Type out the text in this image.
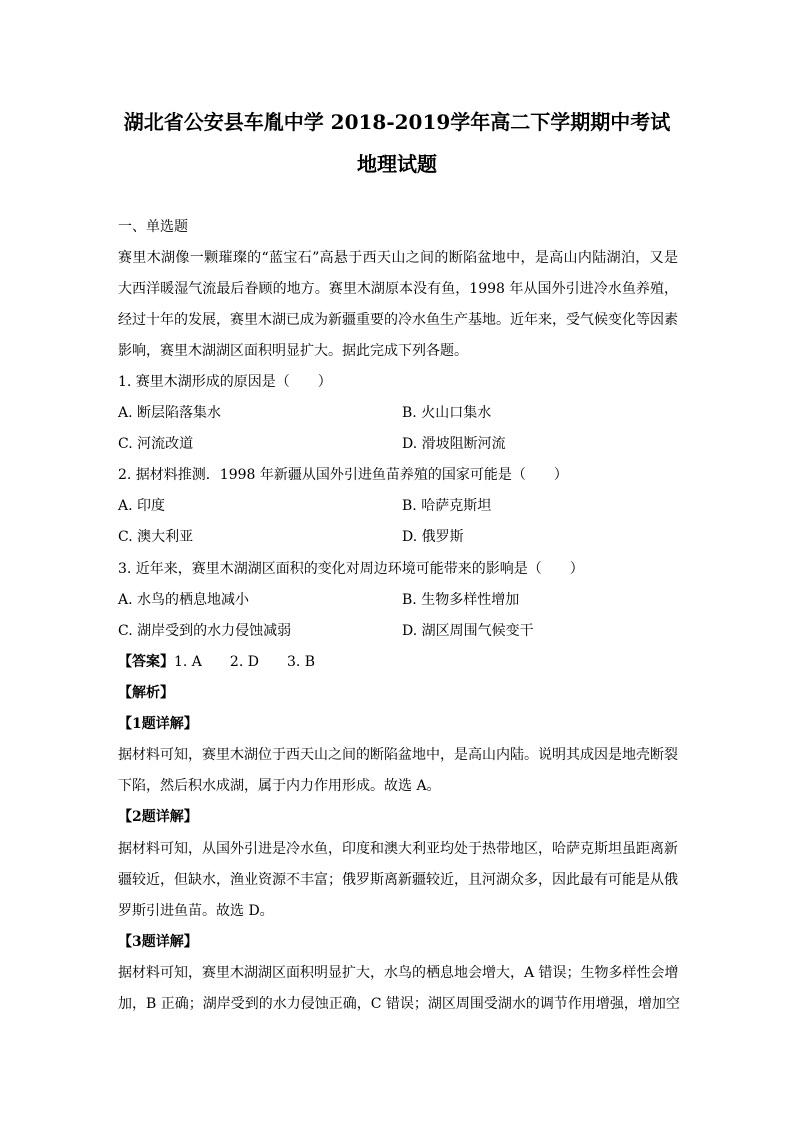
湖北省公安县车胤中学 2018-2019学年高二下学期期中考试
地理试题
一、单选题
赛里木湖像一颗璀璨的“蓝宝石”高悬于西天山之间的断陷盆地中，是高山内陆湖泊，又是
大西洋暖湿气流最后眷顾的地方。赛里木湖原本没有鱼，1998 年从国外引进冷水鱼养殖，
经过十年的发展，赛里木湖已成为新疆重要的冷水鱼生产基地。近年来，受气候变化等因素
影响，赛里木湖湖区面积明显扩大。据此完成下列各题。
1. 赛里木湖形成的原因是（　　）
A. 断层陷落集水	B. 火山口集水
C. 河流改道	D. 滑坡阻断河流
2. 据材料推测．1998 年新疆从国外引进鱼苗养殖的国家可能是（　　）
A. 印度	B. 哈萨克斯坦
C. 澳大利亚	D. 俄罗斯
3. 近年来，赛里木湖湖区面积的变化对周边环境可能带来的影响是（　　）
A. 水鸟的栖息地减小	B. 生物多样性增加
C. 湖岸受到的水力侵蚀减弱	D. 湖区周围气候变干
【答案】1. A　　2. D　　3. B
【解析】
【1题详解】
据材料可知，赛里木湖位于西天山之间的断陷盆地中，是高山内陆。说明其成因是地壳断裂
下陷，然后积水成湖，属于内力作用形成。故选 A。
【2题详解】
据材料可知，从国外引进是冷水鱼，印度和澳大利亚均处于热带地区，哈萨克斯坦虽距离新
疆较近，但缺水，渔业资源不丰富；俄罗斯离新疆较近，且河湖众多，因此最有可能是从俄
罗斯引进鱼苗。故选 D。
【3题详解】
据材料可知，赛里木湖湖区面积明显扩大，水鸟的栖息地会增大，A 错误；生物多样性会增
加，B 正确；湖岸受到的水力侵蚀正确，C 错误；湖区周围受湖水的调节作用增强，增加空
